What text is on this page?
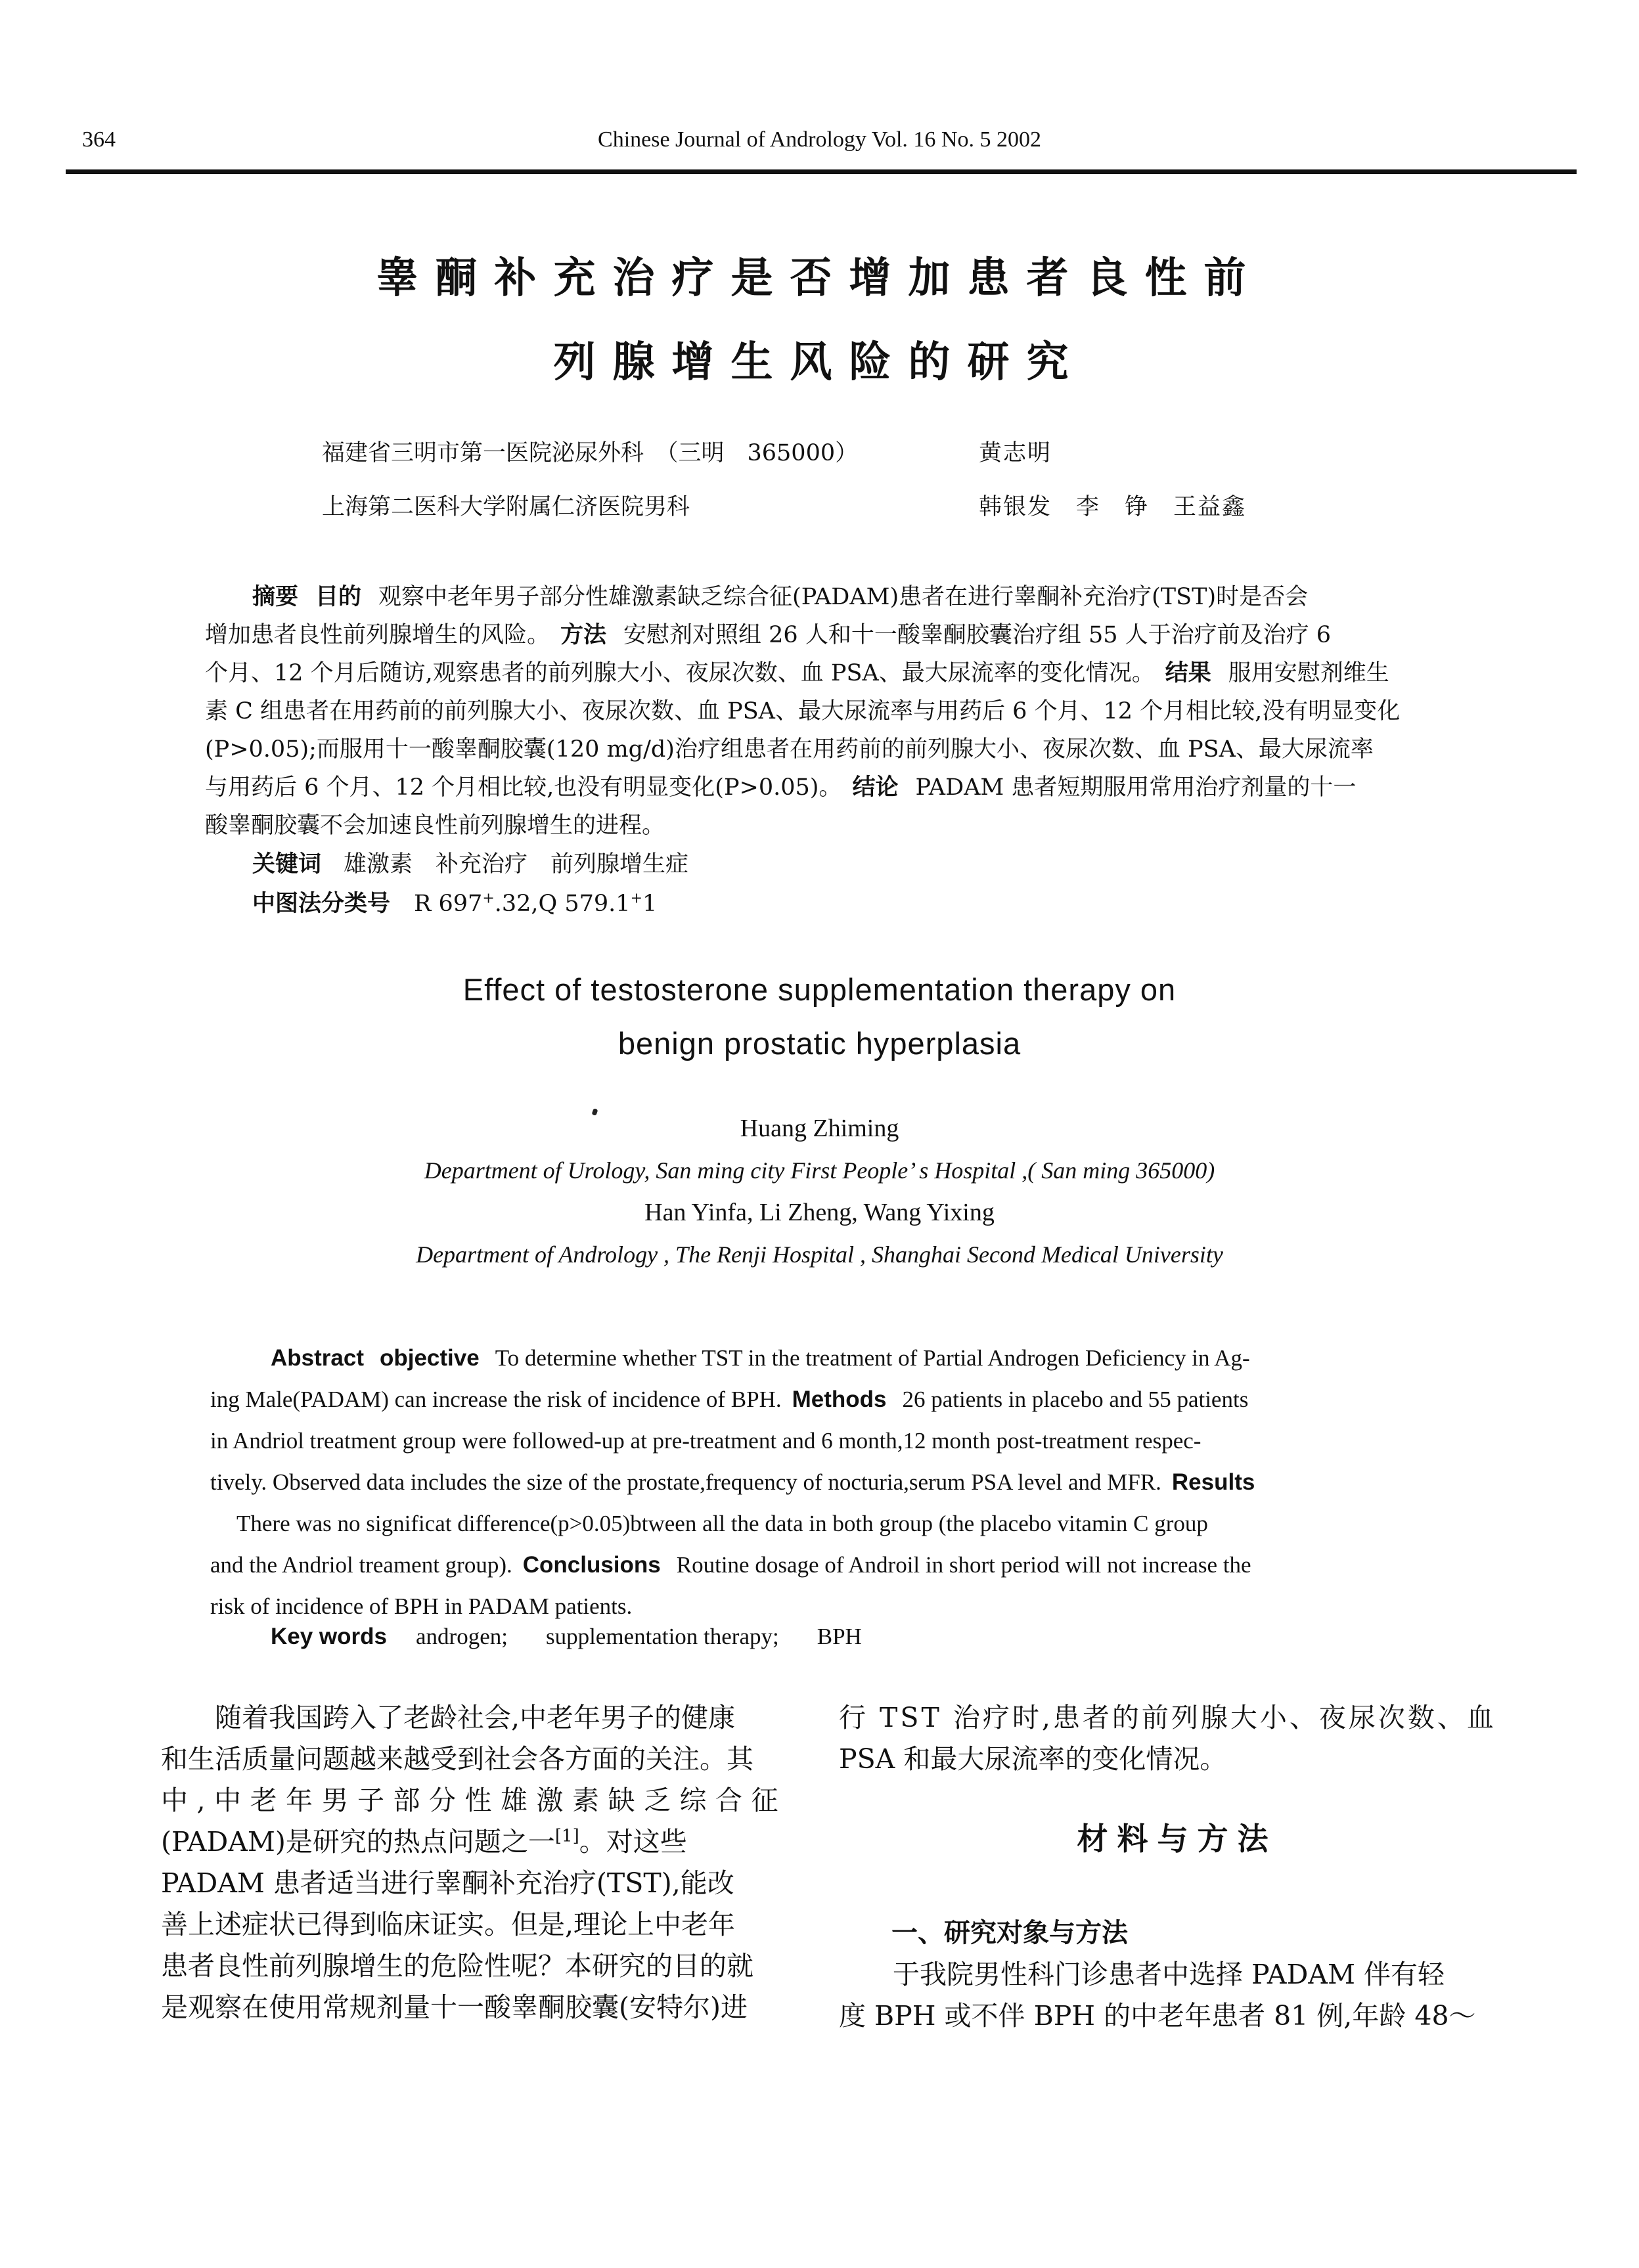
364	Chinese Journal of Andrology Vol. 16 No. 5 2002
睾酮补充治疗是否增加患者良性前
列腺增生风险的研究
福建省三明市第一医院泌尿外科　（三明　365000）	黄志明
上海第二医科大学附属仁济医院男科	韩银发　李　铮　王益鑫
摘要 目的 观察中老年男子部分性雄激素缺乏综合征(PADAM)患者在进行睾酮补充治疗(TST)时是否会
增加患者良性前列腺增生的风险。 方法 安慰剂对照组 26 人和十一酸睾酮胶囊治疗组 55 人于治疗前及治疗 6
个月、12 个月后随访,观察患者的前列腺大小、夜尿次数、血 PSA、最大尿流率的变化情况。 结果 服用安慰剂维生
素 C 组患者在用药前的前列腺大小、夜尿次数、血 PSA、最大尿流率与用药后 6 个月、12 个月相比较,没有明显变化
(P>0.05);而服用十一酸睾酮胶囊(120 mg/d)治疗组患者在用药前的前列腺大小、夜尿次数、血 PSA、最大尿流率
与用药后 6 个月、12 个月相比较,也没有明显变化(P>0.05)。 结论 PADAM 患者短期服用常用治疗剂量的十一
酸睾酮胶囊不会加速良性前列腺增生的进程。
关键词 雄激素　补充治疗　前列腺增生症
中图法分类号 R 697+.32,Q 579.1+1
Effect of testosterone supplementation therapy on
benign prostatic hyperplasia
Huang Zhiming
Department of Urology, San ming city First People’ s Hospital ,( San ming 365000)
Han Yinfa, Li Zheng, Wang Yixing
Department of Andrology , The Renji Hospital , Shanghai Second Medical University
Abstract objective To determine whether TST in the treatment of Partial Androgen Deficiency in Ag-
ing Male(PADAM) can increase the risk of incidence of BPH. Methods 26 patients in placebo and 55 patients
in Andriol treatment group were followed-up at pre-treatment and 6 month,12 month post-treatment respec-
tively. Observed data includes the size of the prostate,frequency of nocturia,serum PSA level and MFR. Results
There was no significat difference(p>0.05)btween all the data in both group (the placebo vitamin C group
and the Andriol treament group). Conclusions Routine dosage of Androil in short period will not increase the
risk of incidence of BPH in PADAM patients.
Key words androgen; supplementation therapy; BPH
随着我国跨入了老龄社会,中老年男子的健康
和生活质量问题越来越受到社会各方面的关注。其
中,中老年男子部分性雄激素缺乏综合征
(PADAM)是研究的热点问题之一[1]。对这些
PADAM 患者适当进行睾酮补充治疗(TST),能改
善上述症状已得到临床证实。但是,理论上中老年
患者良性前列腺增生的危险性呢？本研究的目的就
是观察在使用常规剂量十一酸睾酮胶囊(安特尔)进
行 TST 治疗时,患者的前列腺大小、夜尿次数、血
PSA 和最大尿流率的变化情况。
材料与方法
一、研究对象与方法
于我院男性科门诊患者中选择 PADAM 伴有轻
度 BPH 或不伴 BPH 的中老年患者 81 例,年龄 48～
